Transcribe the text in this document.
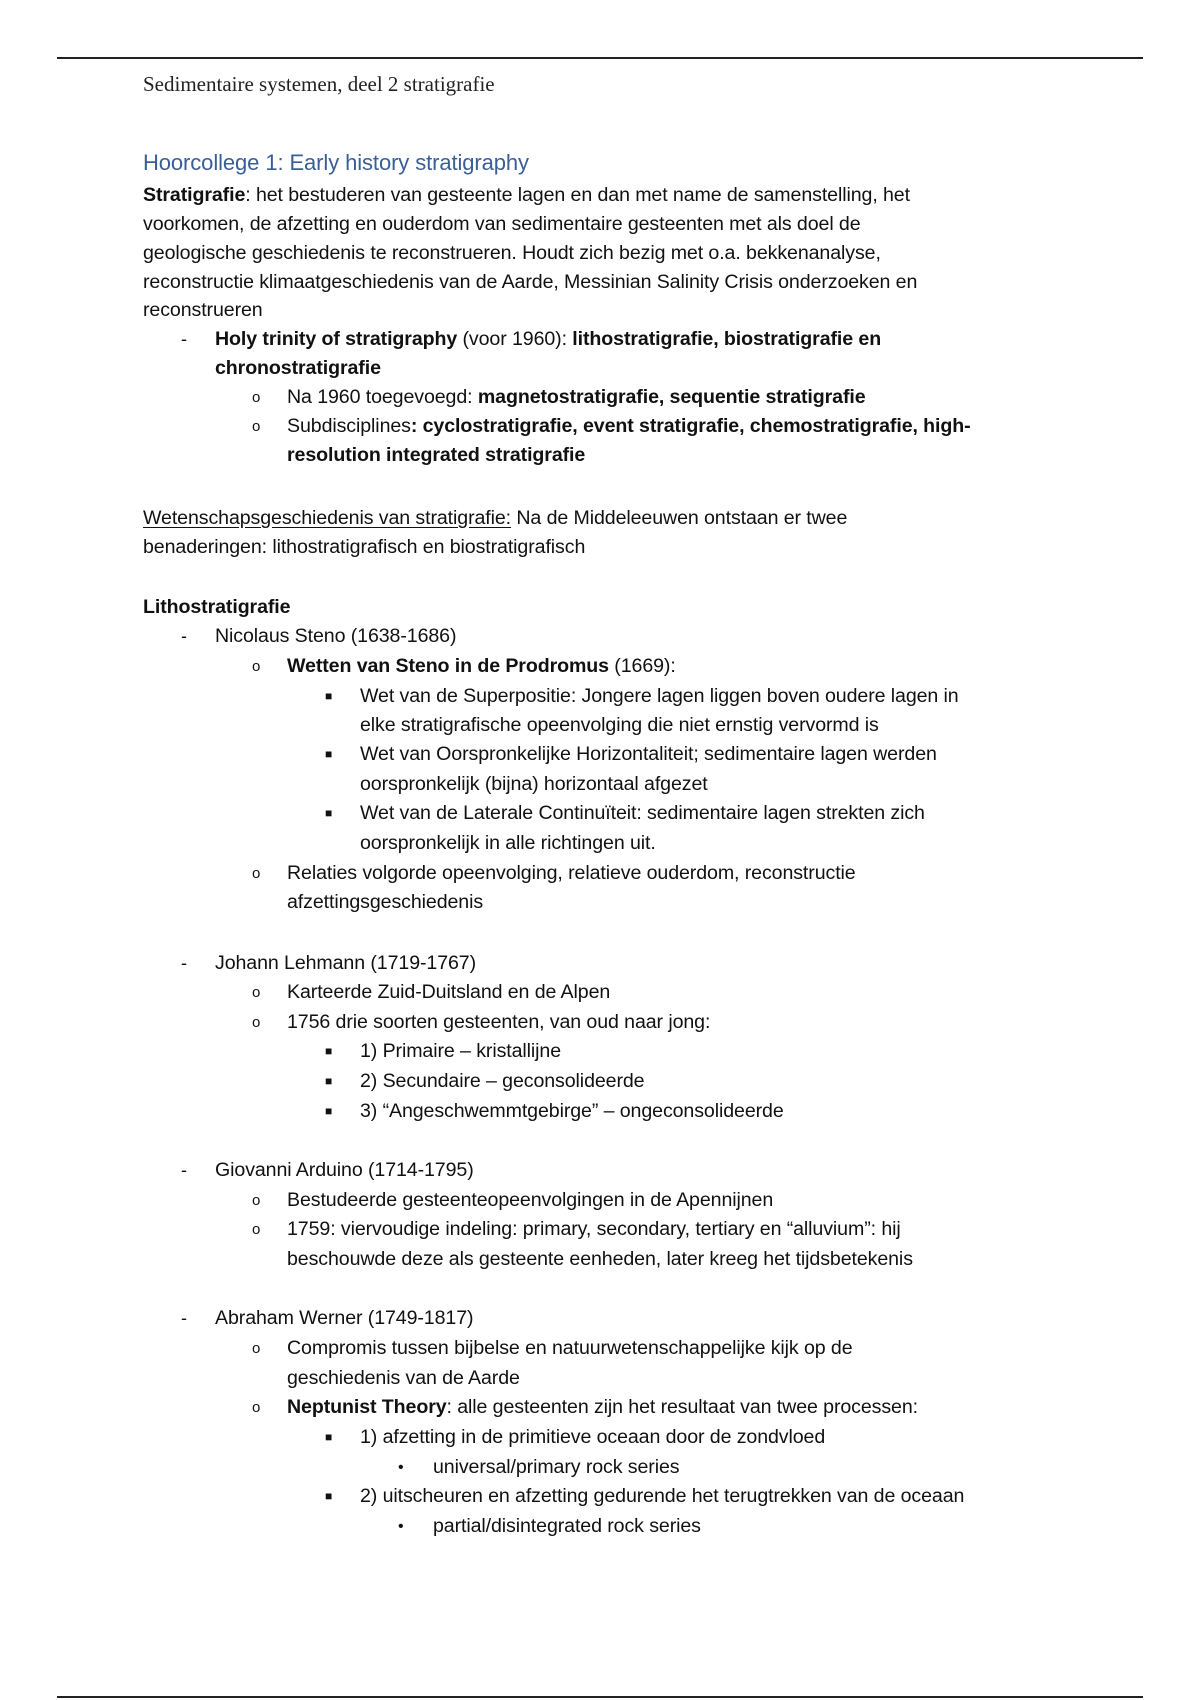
Sedimentaire systemen, deel 2 stratigrafie
Hoorcollege 1: Early history stratigraphy
Stratigrafie: het bestuderen van gesteente lagen en dan met name de samenstelling, het
voorkomen, de afzetting en ouderdom van sedimentaire gesteenten met als doel de
geologische geschiedenis te reconstrueren. Houdt zich bezig met o.a. bekkenanalyse,
reconstructie klimaatgeschiedenis van de Aarde, Messinian Salinity Crisis onderzoeken en
reconstrueren
- Holy trinity of stratigraphy (voor 1960): lithostratigrafie, biostratigrafie en
chronostratigrafie
o Na 1960 toegevoegd: magnetostratigrafie, sequentie stratigrafie
o Subdisciplines: cyclostratigrafie, event stratigrafie, chemostratigrafie, high-
resolution integrated stratigrafie
Wetenschapsgeschiedenis van stratigrafie: Na de Middeleeuwen ontstaan er twee
benaderingen: lithostratigrafisch en biostratigrafisch
Lithostratigrafie
- Nicolaus Steno (1638-1686)
o Wetten van Steno in de Prodromus (1669):
■ Wet van de Superpositie: Jongere lagen liggen boven oudere lagen in
elke stratigrafische opeenvolging die niet ernstig vervormd is
■ Wet van Oorspronkelijke Horizontaliteit; sedimentaire lagen werden
oorspronkelijk (bijna) horizontaal afgezet
■ Wet van de Laterale Continuïteit: sedimentaire lagen strekten zich
oorspronkelijk in alle richtingen uit.
o Relaties volgorde opeenvolging, relatieve ouderdom, reconstructie
afzettingsgeschiedenis
- Johann Lehmann (1719-1767)
o Karteerde Zuid-Duitsland en de Alpen
o 1756 drie soorten gesteenten, van oud naar jong:
■ 1) Primaire – kristallijne
■ 2) Secundaire – geconsolideerde
■ 3) “Angeschwemmtgebirge” – ongeconsolideerde
- Giovanni Arduino (1714-1795)
o Bestudeerde gesteenteopeenvolgingen in de Apennijnen
o 1759: viervoudige indeling: primary, secondary, tertiary en “alluvium”: hij
beschouwde deze als gesteente eenheden, later kreeg het tijdsbetekenis
- Abraham Werner (1749-1817)
o Compromis tussen bijbelse en natuurwetenschappelijke kijk op de
geschiedenis van de Aarde
o Neptunist Theory: alle gesteenten zijn het resultaat van twee processen:
■ 1) afzetting in de primitieve oceaan door de zondvloed
• universal/primary rock series
■ 2) uitscheuren en afzetting gedurende het terugtrekken van de oceaan
• partial/disintegrated rock series
